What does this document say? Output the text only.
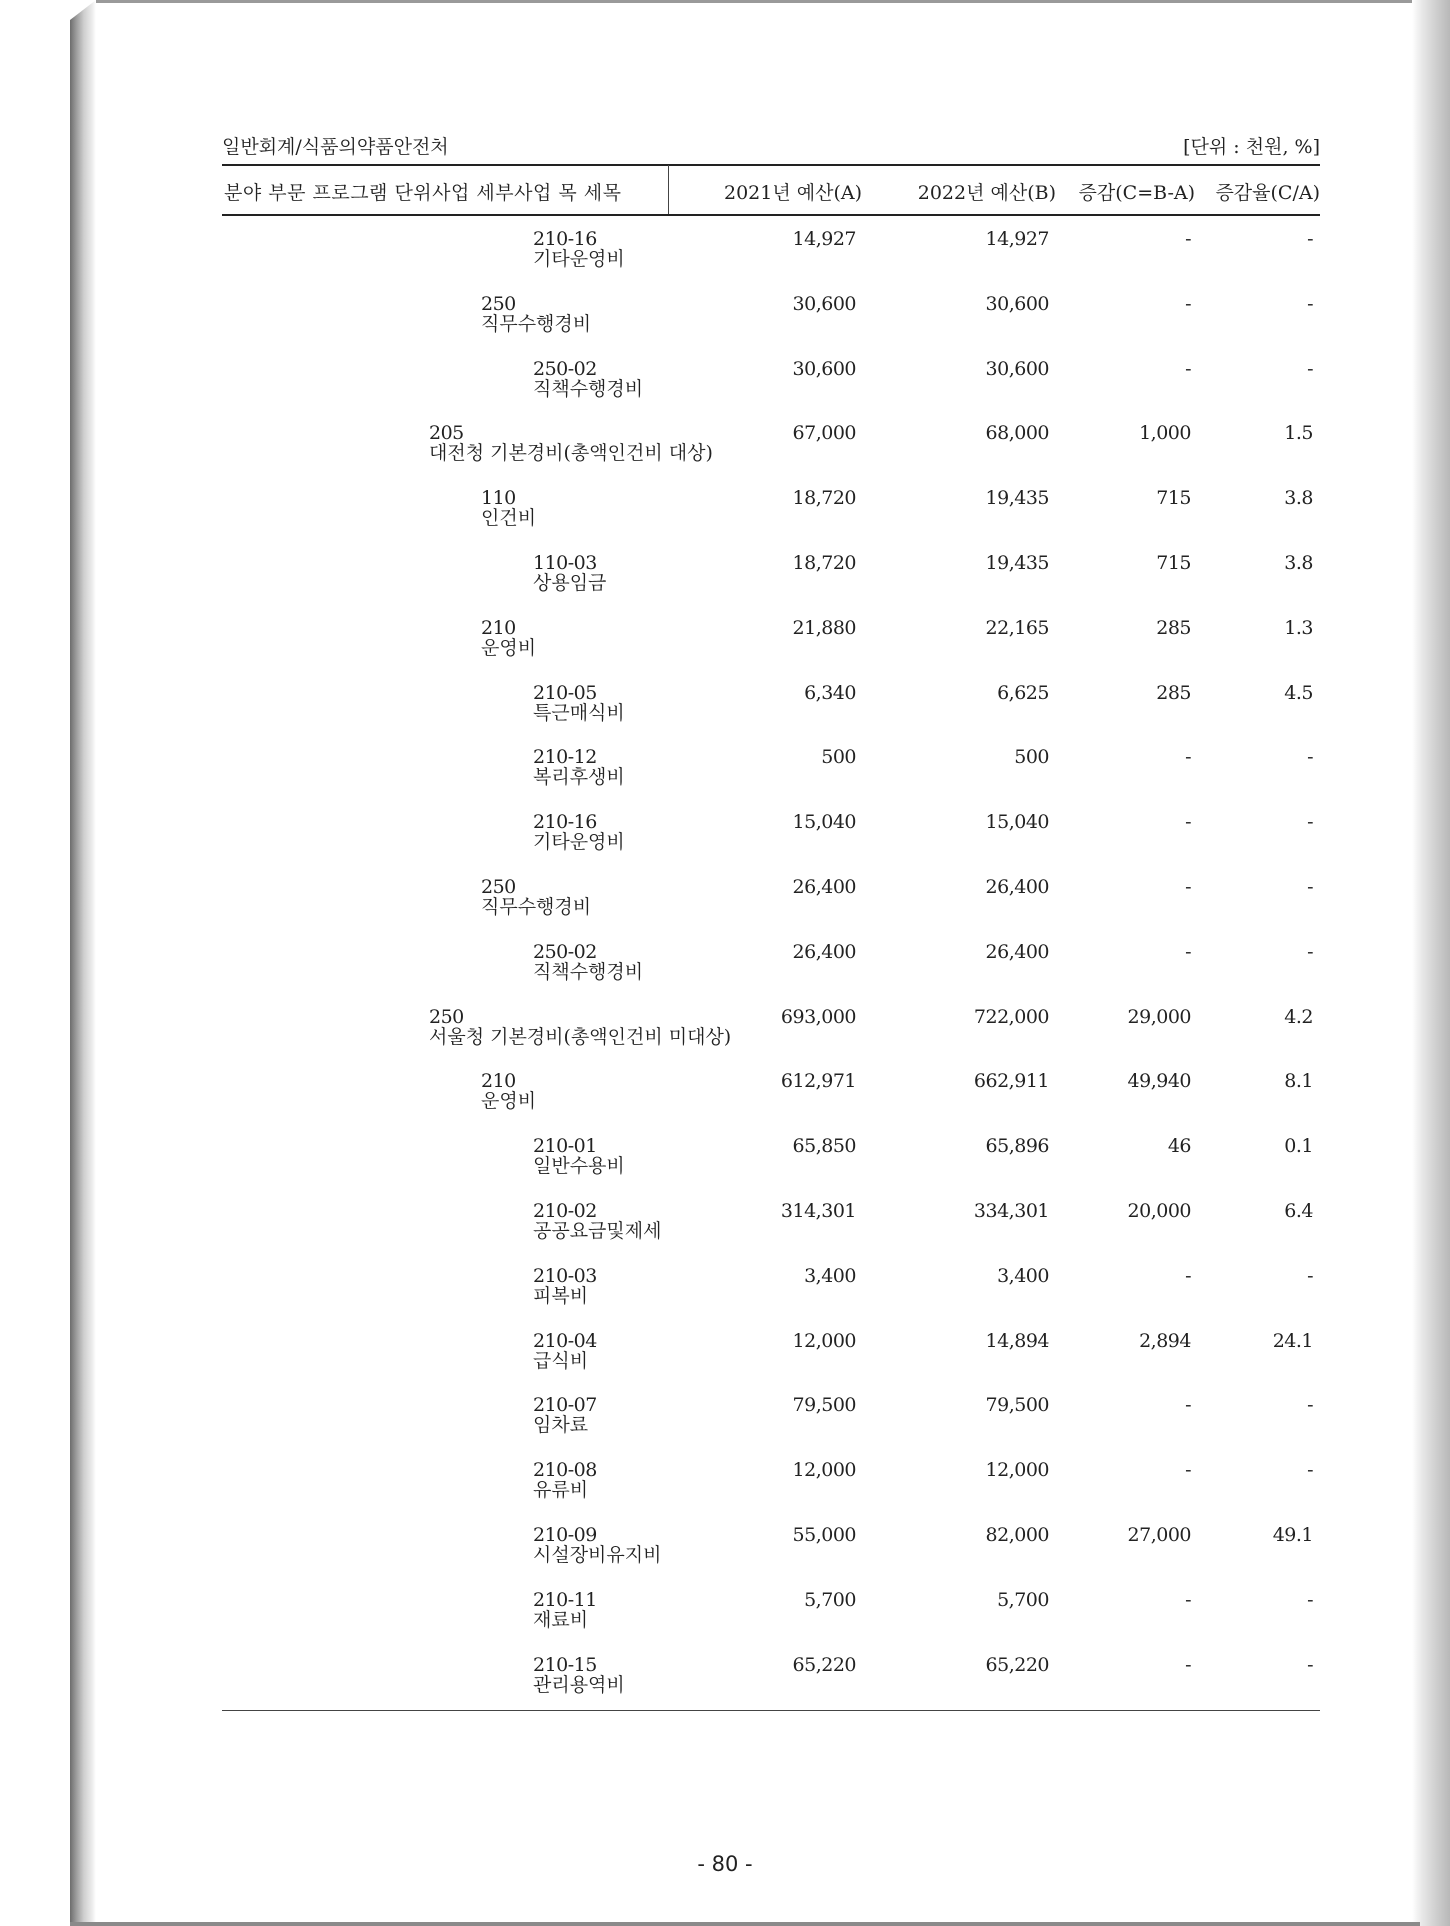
일반회계/식품의약품안전처	[단위 : 천원, %]
분야 부문 프로그램 단위사업 세부사업 목 세목	2021년 예산(A)	2022년 예산(B) 증감(C=B-A) 증감율(C/A)
210-16
기타운영비
14,927	14,927	-	-
250
직무수행경비
30,600	30,600	-	-
250-02
직책수행경비
30,600	30,600	-	-
205
대전청 기본경비(총액인건비 대상)
67,000	68,000	1,000	1.5
110
인건비
18,720	19,435	715	3.8
110-03
상용임금
18,720	19,435	715	3.8
210
운영비
21,880	22,165	285	1.3
210-05
특근매식비
6,340	6,625	285	4.5
210-12
복리후생비
500	500	-	-
210-16
기타운영비
15,040	15,040	-	-
250
직무수행경비
26,400	26,400	-	-
250-02
직책수행경비
26,400	26,400	-	-
250
서울청 기본경비(총액인건비 미대상)
693,000	722,000	29,000	4.2
210
운영비
612,971	662,911	49,940	8.1
210-01
일반수용비
65,850	65,896	46	0.1
210-02
공공요금및제세
314,301	334,301	20,000	6.4
210-03
피복비
3,400	3,400	-	-
210-04
급식비
12,000	14,894	2,894	24.1
210-07
임차료
79,500	79,500	-	-
210-08
유류비
12,000	12,000	-	-
210-09
시설장비유지비
55,000	82,000	27,000	49.1
210-11
재료비
5,700	5,700	-	-
210-15
관리용역비
65,220	65,220	-	-
- 80 -
